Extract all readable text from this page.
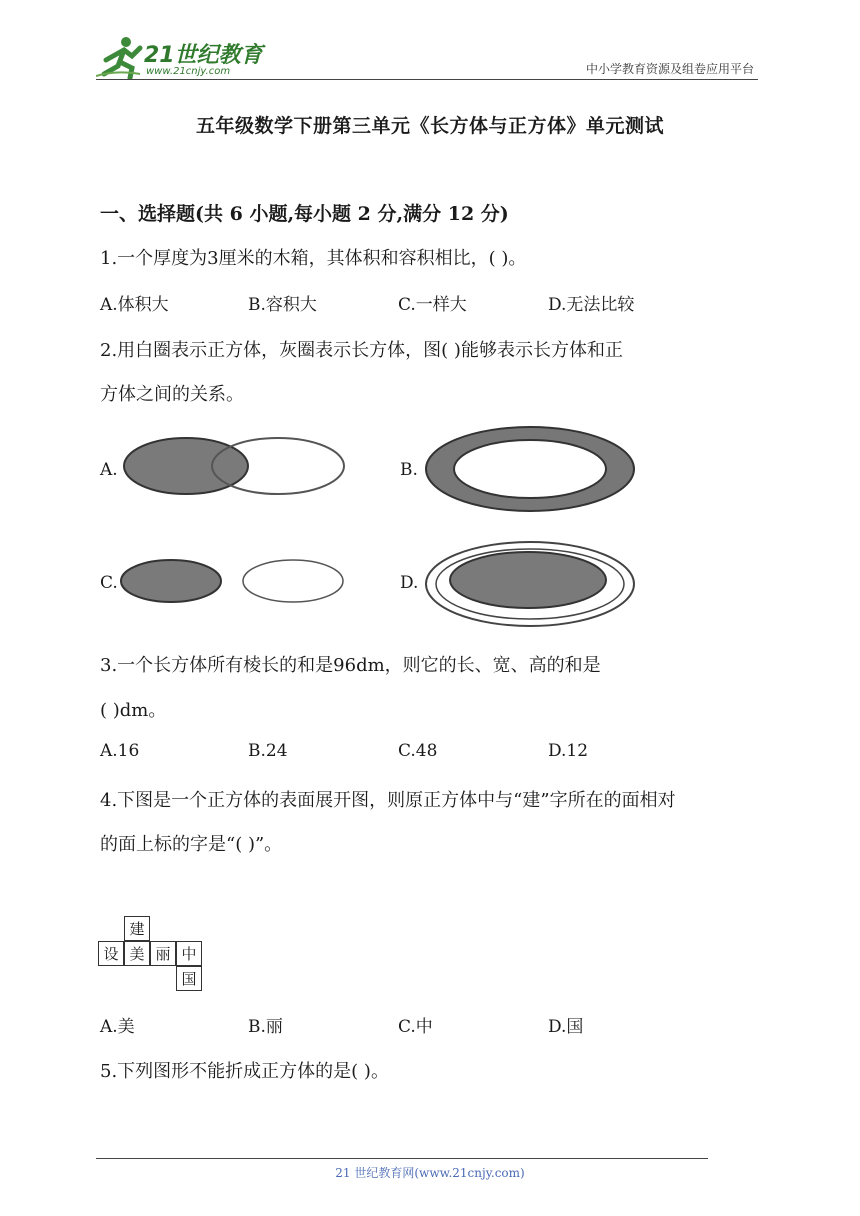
21世纪教育
www.21cnjy.com	中小学教育资源及组卷应用平台
五年级数学下册第三单元《长方体与正方体》单元测试
一、选择题(共 6 小题,每小题 2 分,满分 12 分)
1.一个厚度为3厘米的木箱，其体积和容积相比，( )。
A.体积大	B.容积大	C.一样大	D.无法比较
2.用白圈表示正方体，灰圈表示长方体，图( )能够表示长方体和正
方体之间的关系。
A.	B.
C.	D.
3.一个长方体所有棱长的和是96dm，则它的长、宽、高的和是
( )dm。
A.16	B.24	C.48	D.12
4.下图是一个正方体的表面展开图，则原正方体中与“建”字所在的面相对
的面上标的字是“( )”。
建
设 美 丽 中
国
A.美	B.丽	C.中	D.国
5.下列图形不能折成正方体的是( )。
21 世纪教育网(www.21cnjy.com)
